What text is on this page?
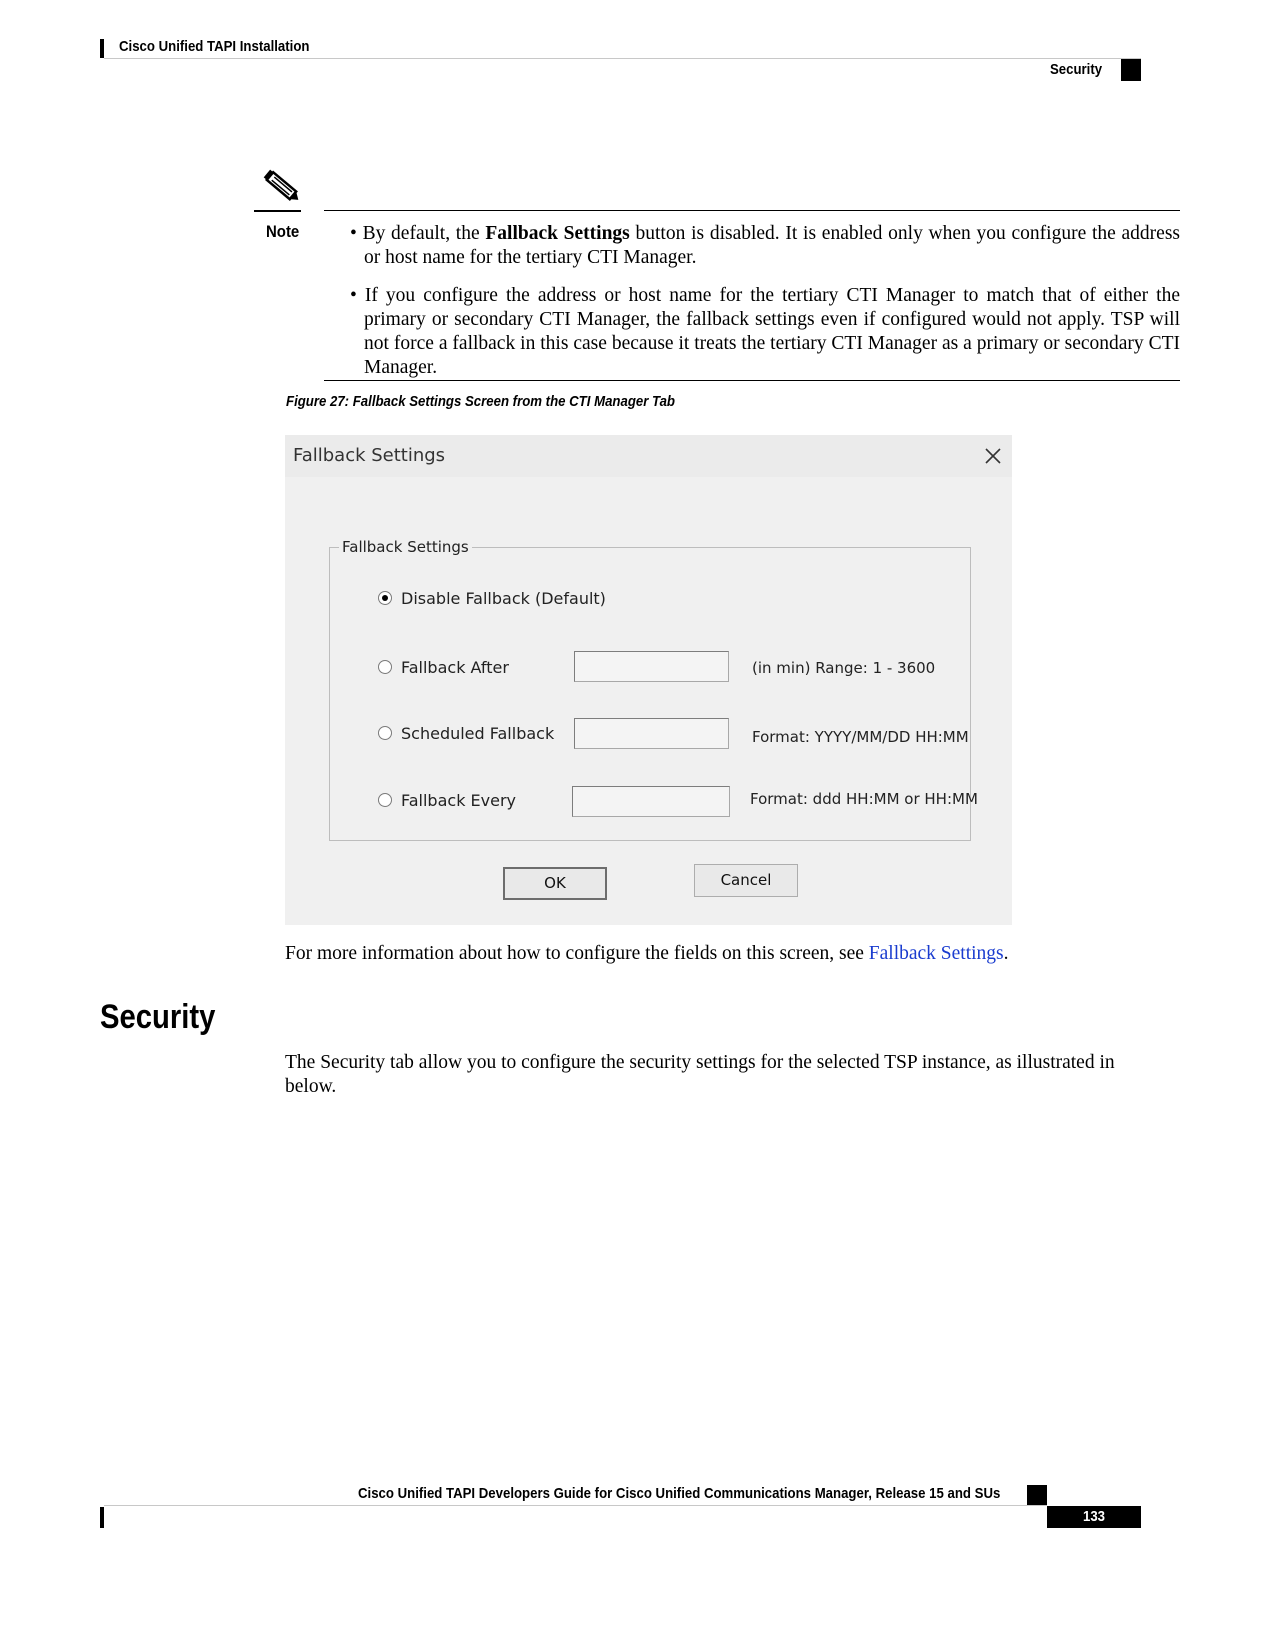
Cisco Unified TAPI Installation
Security
Note	• By default, the Fallback Settings button is disabled. It is enabled only when you configure the address or host name for the tertiary CTI Manager.

• If you configure the address or host name for the tertiary CTI Manager to match that of either the primary or secondary CTI Manager, the fallback settings even if configured would not apply. TSP will not force a fallback in this case because it treats the tertiary CTI Manager as a primary or secondary CTI Manager.

Figure 27: Fallback Settings Screen from the CTI Manager Tab
Fallback Settings
Fallback Settings
Disable Fallback (Default)
Fallback After	(in min) Range: 1 - 3600
Scheduled Fallback	Format: YYYY/MM/DD HH:MM
Fallback Every	Format: ddd HH:MM or HH:MM
OK	Cancel

For more information about how to configure the fields on this screen, see Fallback Settings.

Security

The Security tab allow you to configure the security settings for the selected TSP instance, as illustrated in below.

Cisco Unified TAPI Developers Guide for Cisco Unified Communications Manager, Release 15 and SUs
133
